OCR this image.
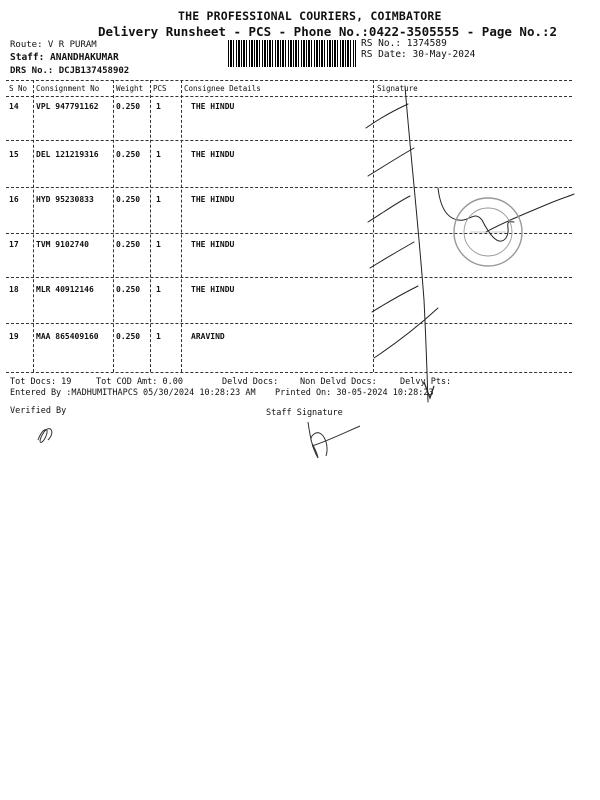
THE PROFESSIONAL COURIERS, COIMBATORE
Delivery Runsheet - PCS - Phone No.:0422-3505555 - Page No.:2
Route: V R PURAM
Staff: ANANDHAKUMAR
DRS No.: DCJB137458902
RS No.: 1374589
RS Date: 30-May-2024
S No Consignment No Weight PCS Consignee Details	Signature
14 VPL 947791162 0.250 1	THE HINDU
15 DEL 121219316 0.250 1	THE HINDU
16 HYD 95230833	0.250 1	THE HINDU
17 TVM 9102740	0.250 1	THE HINDU
18 MLR 40912146	0.250 1	THE HINDU
19 MAA 865409160 0.250 1	ARAVIND
Tot Docs: 19	Tot COD Amt: 0.00	Delvd Docs:	Non Delvd Docs:	Delvy Pts:
Entered By :MADHUMITHAPCS 05/30/2024 10:28:23 AM Printed On: 30-05-2024 10:28:23
Verified By	Staff Signature
